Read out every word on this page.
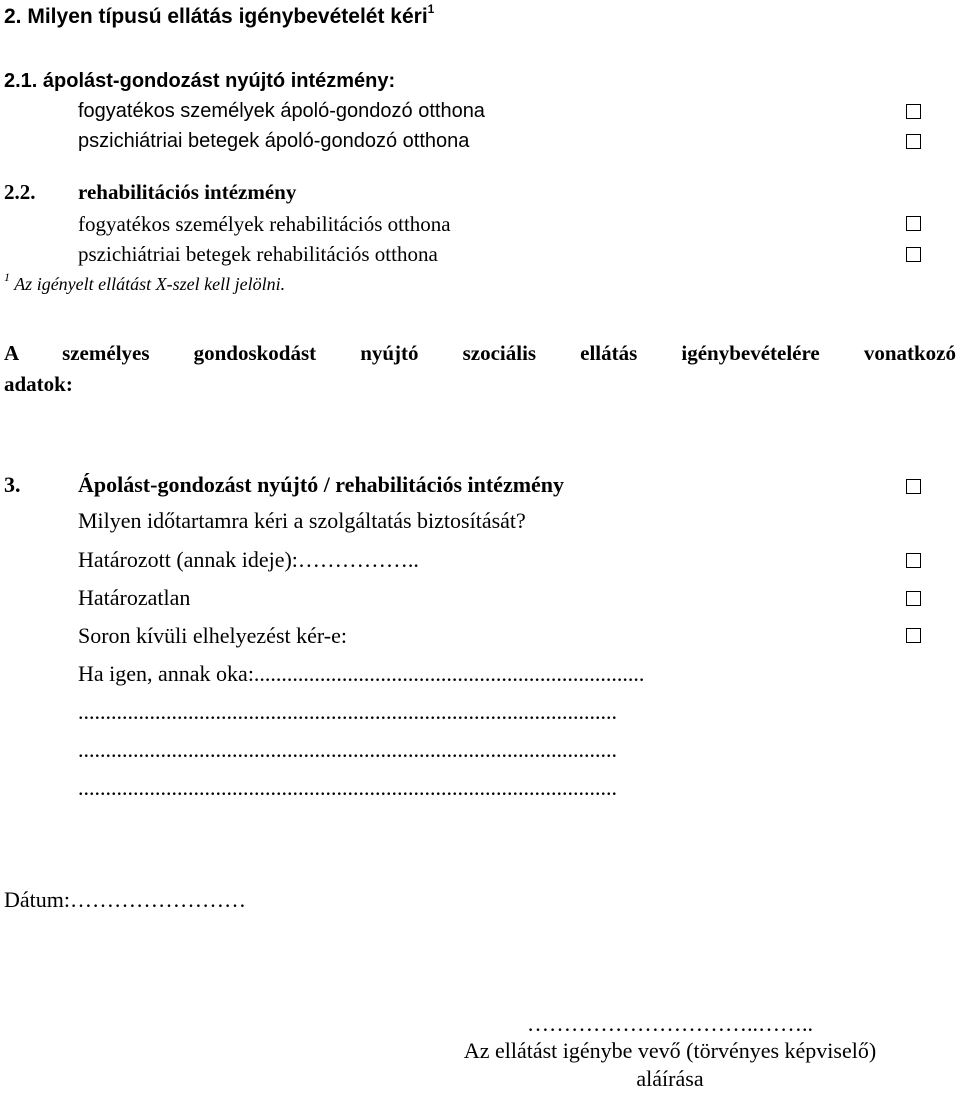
2. Milyen típusú ellátás igénybevételét kéri$^1$
2.1. ápolást-gondozást nyújtó intézmény:
fogyatékos személyek ápoló-gondozó otthona
pszichiátriai betegek ápoló-gondozó otthona
2.2. rehabilitációs intézmény
fogyatékos személyek rehabilitációs otthona
pszichiátriai betegek rehabilitációs otthona
$^1$ Az igényelt ellátást X-szel kell jelölni.
A személyes gondoskodást nyújtó szociális ellátás igénybevételére vonatkozó
adatok:
3.	Ápolást-gondozást nyújtó / rehabilitációs intézmény
Milyen időtartamra kéri a szolgáltatás biztosítását?
Határozott (annak ideje):……………..
Határozatlan
Soron kívüli elhelyezést kér-e:
Ha igen, annak oka:.......................................................................
..................................................................................................
..................................................................................................
..................................................................................................
Dátum:……………………
…………………………..……..
Az ellátást igénybe vevő (törvényes képviselő)
aláírása
